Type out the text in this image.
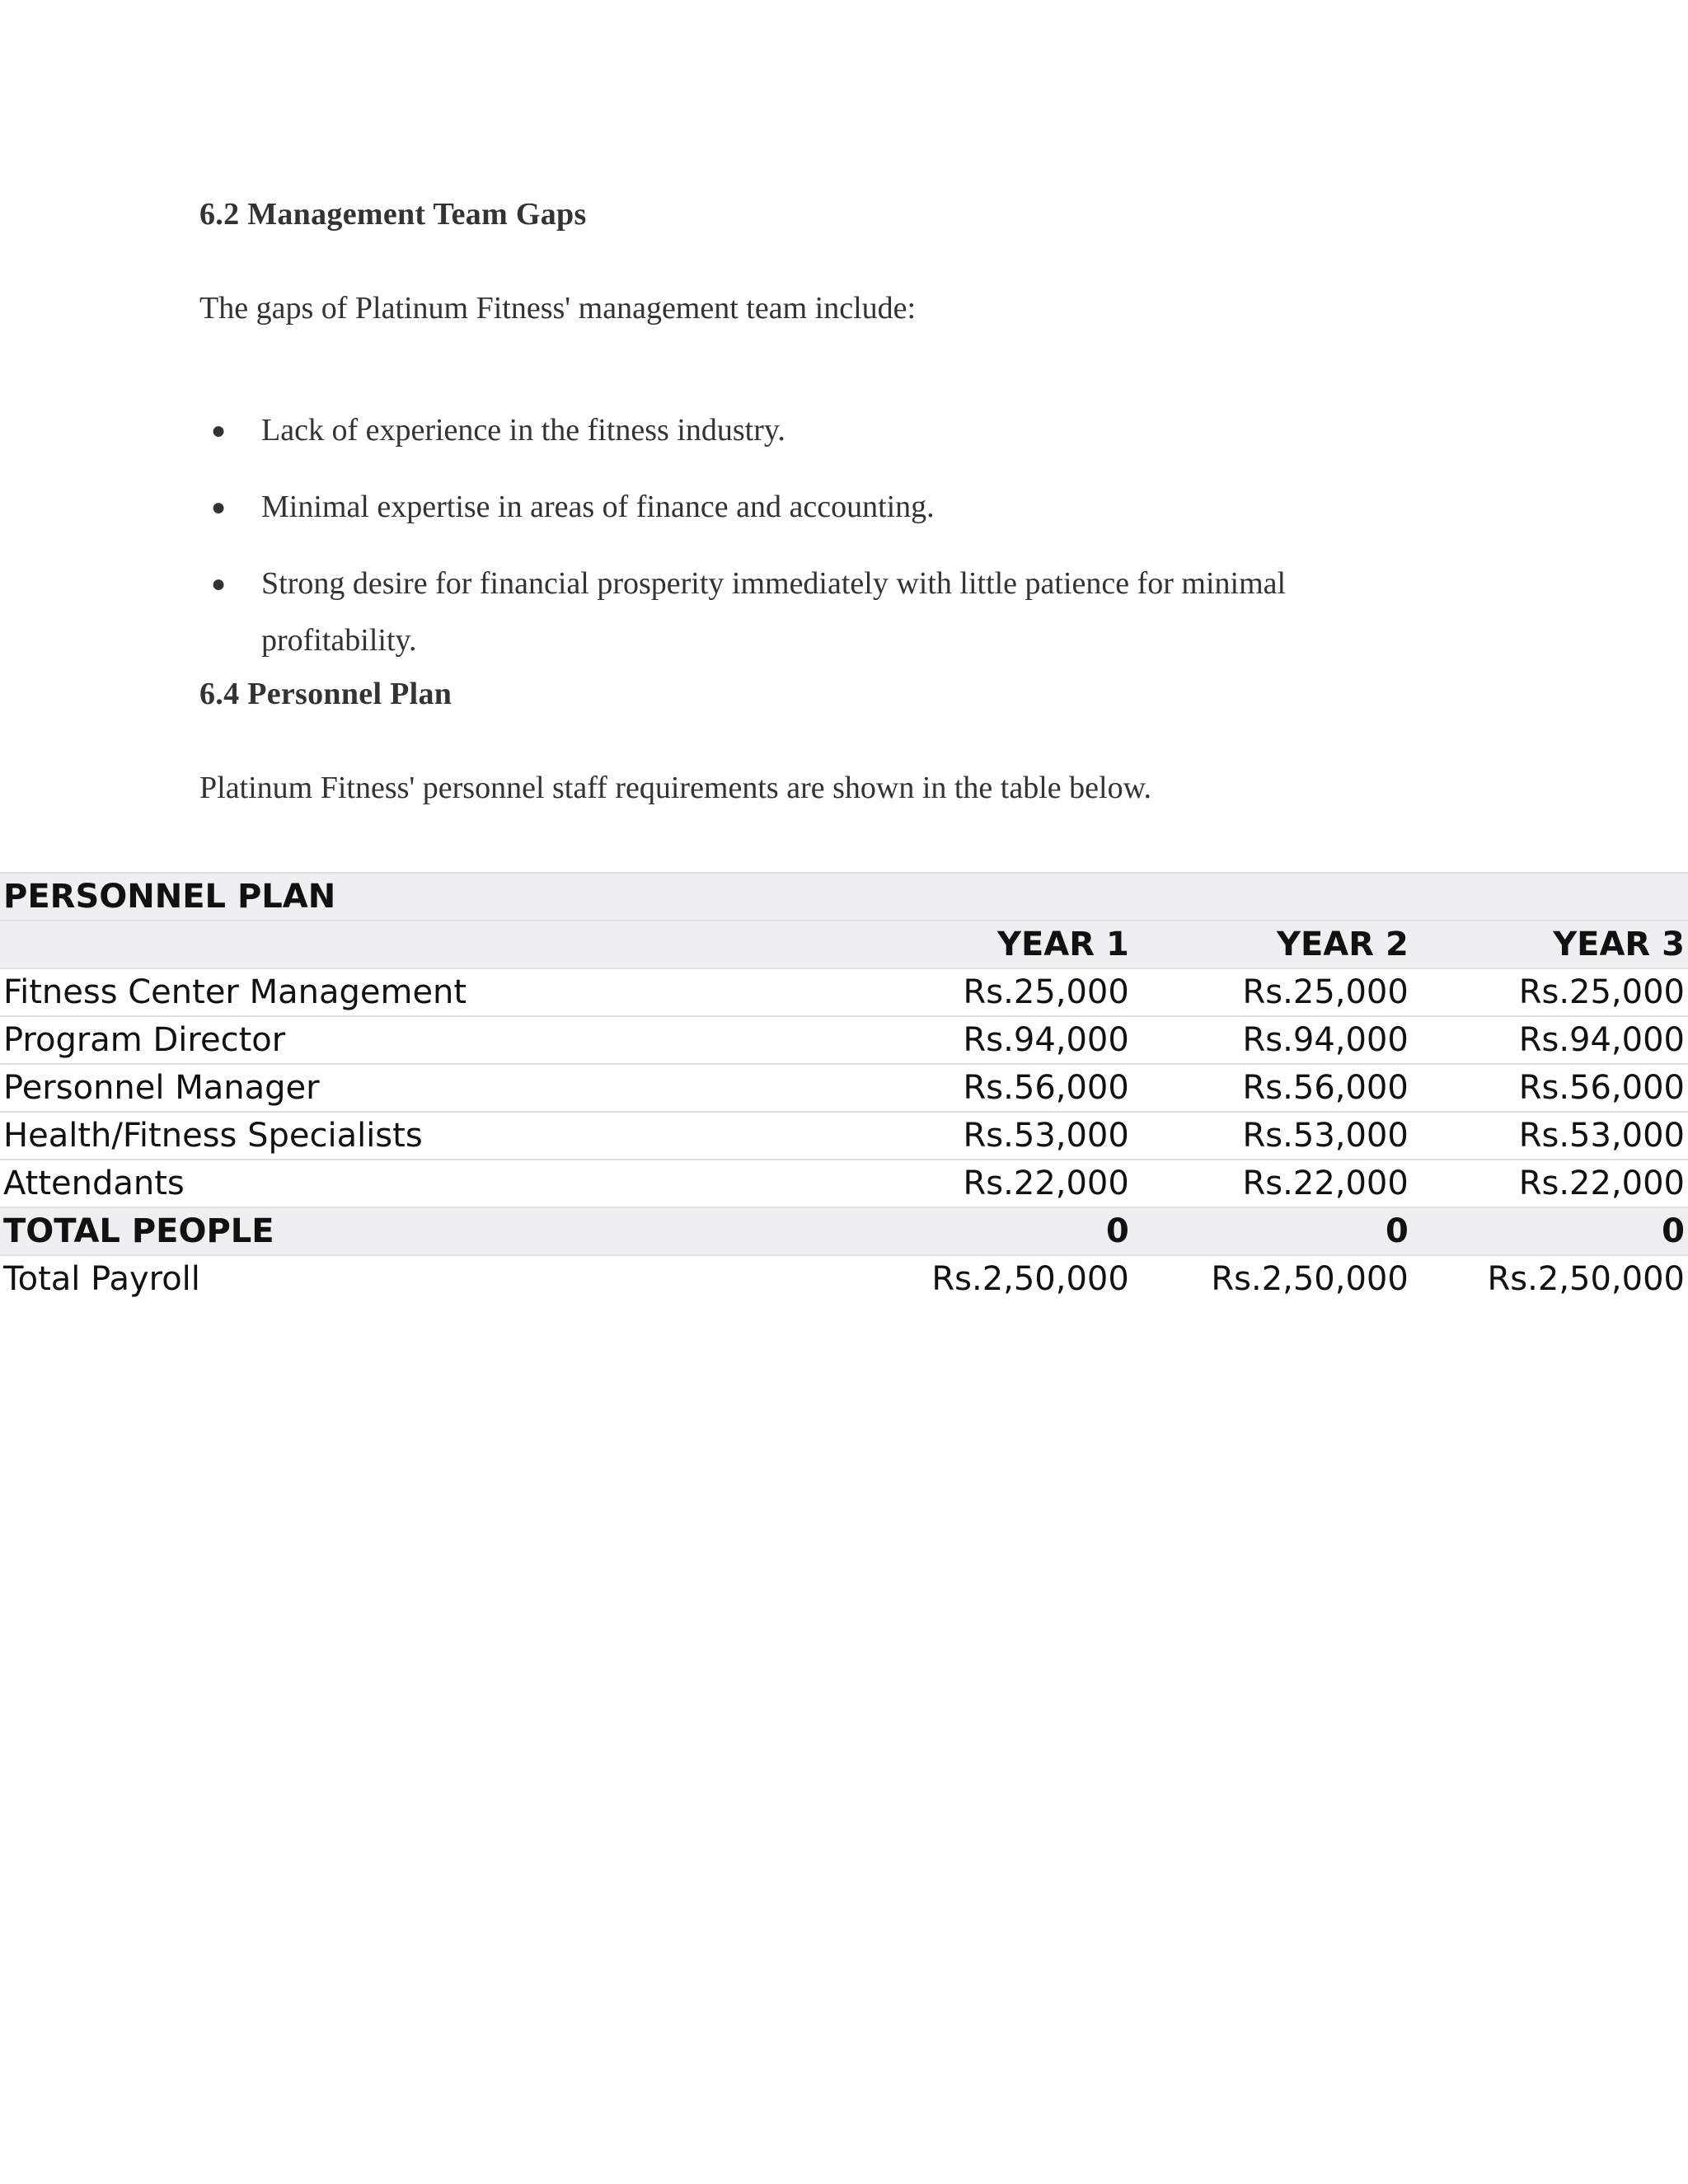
6.2 Management Team Gaps
The gaps of Platinum Fitness' management team include:
● Lack of experience in the fitness industry.
● Minimal expertise in areas of finance and accounting.
● Strong desire for financial prosperity immediately with little patience for minimal profitability.
6.4 Personnel Plan
Platinum Fitness' personnel staff requirements are shown in the table below.
PERSONNEL PLAN			
	YEAR 1	YEAR 2	YEAR 3
Fitness Center Management	Rs.25,000	Rs.25,000	Rs.25,000
Program Director	Rs.94,000	Rs.94,000	Rs.94,000
Personnel Manager	Rs.56,000	Rs.56,000	Rs.56,000
Health/Fitness Specialists	Rs.53,000	Rs.53,000	Rs.53,000
Attendants	Rs.22,000	Rs.22,000	Rs.22,000
TOTAL PEOPLE	0	0	0
Total Payroll	Rs.2,50,000	Rs.2,50,000	Rs.2,50,000
